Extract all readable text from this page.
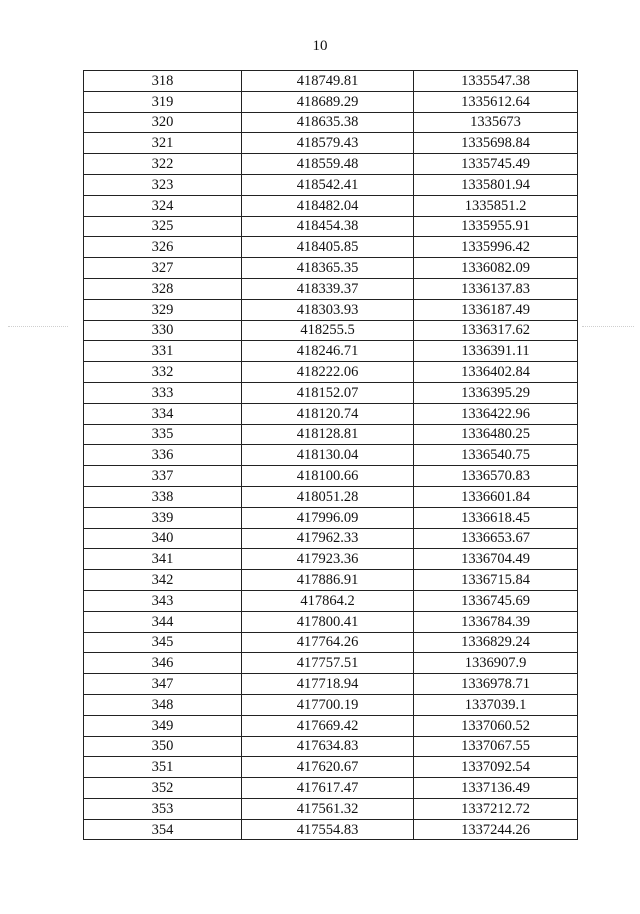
10
318	418749.81	1335547.38
319	418689.29	1335612.64
320	418635.38	1335673
321	418579.43	1335698.84
322	418559.48	1335745.49
323	418542.41	1335801.94
324	418482.04	1335851.2
325	418454.38	1335955.91
326	418405.85	1335996.42
327	418365.35	1336082.09
328	418339.37	1336137.83
329	418303.93	1336187.49
330	418255.5	1336317.62
331	418246.71	1336391.11
332	418222.06	1336402.84
333	418152.07	1336395.29
334	418120.74	1336422.96
335	418128.81	1336480.25
336	418130.04	1336540.75
337	418100.66	1336570.83
338	418051.28	1336601.84
339	417996.09	1336618.45
340	417962.33	1336653.67
341	417923.36	1336704.49
342	417886.91	1336715.84
343	417864.2	1336745.69
344	417800.41	1336784.39
345	417764.26	1336829.24
346	417757.51	1336907.9
347	417718.94	1336978.71
348	417700.19	1337039.1
349	417669.42	1337060.52
350	417634.83	1337067.55
351	417620.67	1337092.54
352	417617.47	1337136.49
353	417561.32	1337212.72
354	417554.83	1337244.26
